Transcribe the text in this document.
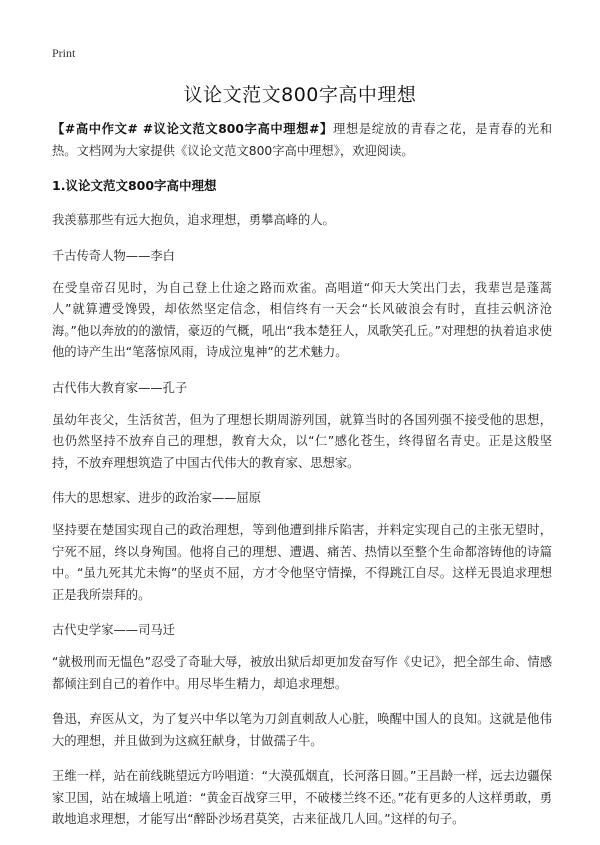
Print
议论文范文800字高中理想

【#高中作文# #议论文范文800字高中理想#】理想是绽放的青春之花，是青春的光和热。文档网为大家提供《议论文范文800字高中理想》，欢迎阅读。

1.议论文范文800字高中理想

我羡慕那些有远大抱负，追求理想，勇攀高峰的人。

千古传奇人物——李白

在受皇帝召见时，为自己登上仕途之路而欢雀。高唱道“仰天大笑出门去，我辈岂是蓬蒿人”就算遭受馋毁，却依然坚定信念，相信终有一天会“长风破浪会有时，直挂云帆济沧海。”他以奔放的的激情，豪迈的气概，吼出“我本楚狂人，凤歌笑孔丘。”对理想的执着追求使他的诗产生出“笔落惊风雨，诗成泣鬼神”的艺术魅力。

古代伟大教育家——孔子

虽幼年丧父，生活贫苦，但为了理想长期周游列国，就算当时的各国列强不接受他的思想，也仍然坚持不放弃自己的理想，教育大众，以“仁”感化苍生，终得留名青史。正是这般坚持，不放弃理想筑造了中国古代伟大的教育家、思想家。

伟大的思想家、进步的政治家——屈原

坚持要在楚国实现自己的政治理想，等到他遭到排斥陷害，并料定实现自己的主张无望时，宁死不屈，终以身殉国。他将自己的理想、遭遇、痛苦、热情以至整个生命都溶铸他的诗篇中。“虽九死其尤未悔”的坚贞不屈，方才令他坚守情操，不得跳江自尽。这样无畏追求理想正是我所崇拜的。

古代史学家——司马迁

“就极刑而无愠色”忍受了奇耻大辱，被放出狱后却更加发奋写作《史记》，把全部生命、情感都倾注到自己的着作中。用尽毕生精力，却追求理想。

鲁迅，弃医从文，为了复兴中华以笔为刀剑直刺敌人心脏，唤醒中国人的良知。这就是他伟大的理想，并且做到为这疯狂献身，甘做孺子牛。

王维一样，站在前线眺望远方吟唱道：“大漠孤烟直，长河落日圆。”王昌龄一样，远去边疆保家卫国，站在城墙上吼道：“黄金百战穿三甲，不破楼兰终不还。”花有更多的人这样勇敢，勇敢地追求理想，才能写出“醉卧沙场君莫笑，古来征战几人回。”这样的句子。
